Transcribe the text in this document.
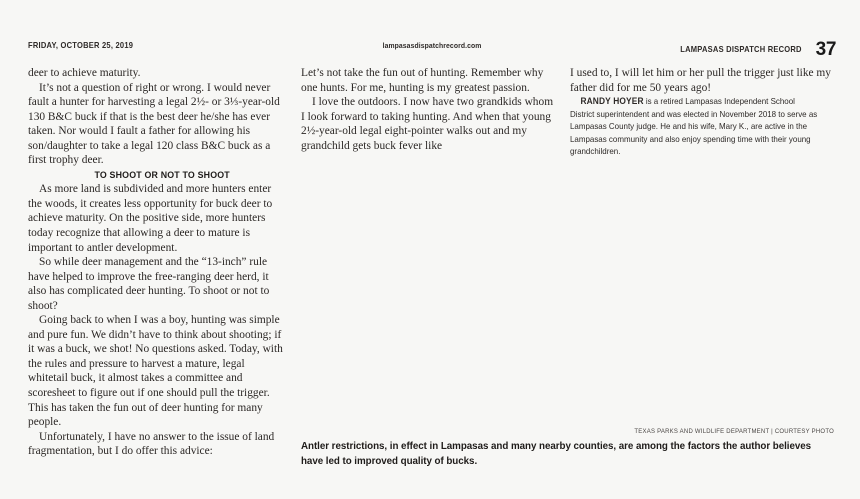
FRIDAY, OCTOBER 25, 2019	lampasasdispatchrecord.com	LAMPASAS DISPATCH RECORD 37

deer to achieve maturity.

It’s not a question of right or wrong. I would never fault a hunter for harvesting a legal 2½- or 3⅓-year-old 130 B&C buck if that is the best deer he/she has ever taken. Nor would I fault a father for allowing his son/daughter to take a legal 120 class B&C buck as a first trophy deer.

TO SHOOT OR NOT TO SHOOT

As more land is subdivided and more hunters enter the woods, it creates less opportunity for buck deer to achieve maturity. On the positive side, more hunters today recognize that allowing a deer to mature is important to antler development.

So while deer management and the “13-inch” rule have helped to improve the free-ranging deer herd, it also has complicated deer hunting. To shoot or not to shoot?

Going back to when I was a boy, hunting was simple and pure fun. We didn’t have to think about shooting; if it was a buck, we shot! No questions asked. Today, with the rules and pressure to harvest a mature, legal whitetail buck, it almost takes a committee and scoresheet to figure out if one should pull the trigger. This has taken the fun out of deer hunting for many people.

Unfortunately, I have no answer to the issue of land fragmentation, but I do offer this advice:

Let’s not take the fun out of hunting. Remember why one hunts. For me, hunting is my greatest passion.

I love the outdoors. I now have two grandkids whom I look forward to taking hunting. And when that young 2½-year-old legal eight-pointer walks out and my grandchild gets buck fever like

I used to, I will let him or her pull the trigger just like my father did for me 50 years ago!

RANDY HOYER is a retired Lampasas Independent School District superintendent and was elected in November 2018 to serve as Lampasas County judge. He and his wife, Mary K., are active in the Lampasas community and also enjoy spending time with their young grandchildren.

TEXAS PARKS AND WILDLIFE DEPARTMENT | COURTESY PHOTO
Antler restrictions, in effect in Lampasas and many nearby counties, are among the factors the author believes have led to improved quality of bucks.
